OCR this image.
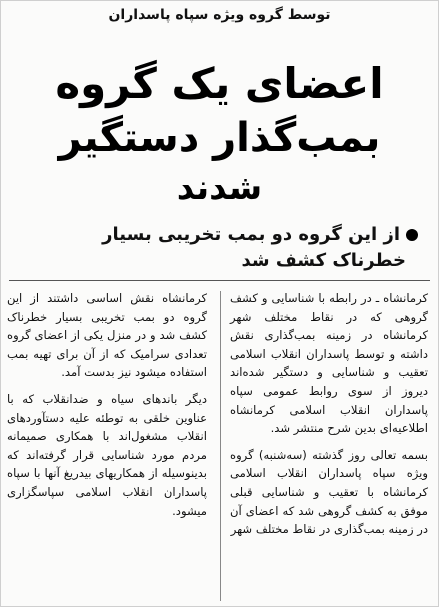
توسط گروه ویژه سپاه پاسداران
اعضای یک گروه
بمب‌گذار دستگیر
شدند
از این گروه دو بمب تخریبی بسیار
خطرناک کشف شد

کرمانشاه ـ در رابطه با شناسایی و کشف گروهی که در نقاط مختلف شهر کرمانشاه در زمینه بمب‌گذاری نقش داشته و توسط پاسداران انقلاب اسلامی تعقیب و شناسایی و دستگیر شده‌اند دیروز از سوی روابط عمومی سپاه پاسداران انقلاب اسلامی کرمانشاه اطلاعیه‌ای بدین شرح منتشر شد.

بسمه تعالی روز گذشته (سه‌شنبه) گروه ویژه سپاه پاسداران انقلاب اسلامی کرمانشاه با تعقیب و شناسایی قبلی موفق به کشف گروهی شد که اعضای آن در زمینه بمب‌گذاری در نقاط مختلف شهر

کرمانشاه نقش اساسی داشتند از این گروه دو بمب تخریبی بسیار خطرناک کشف شد و در منزل یکی از اعضای گروه تعدادی سرامیک که از آن برای تهیه بمب استفاده میشود نیز بدست آمد.

دیگر باندهای سیاه و ضدانقلاب که با عناوین خلقی به توطئه علیه دستآوردهای انقلاب مشغول‌اند با همکاری صمیمانه مردم مورد شناسایی قرار گرفته‌اند که بدینوسیله از همکاریهای بیدریغ آنها با سپاه پاسداران انقلاب اسلامی سپاسگزاری میشود.
